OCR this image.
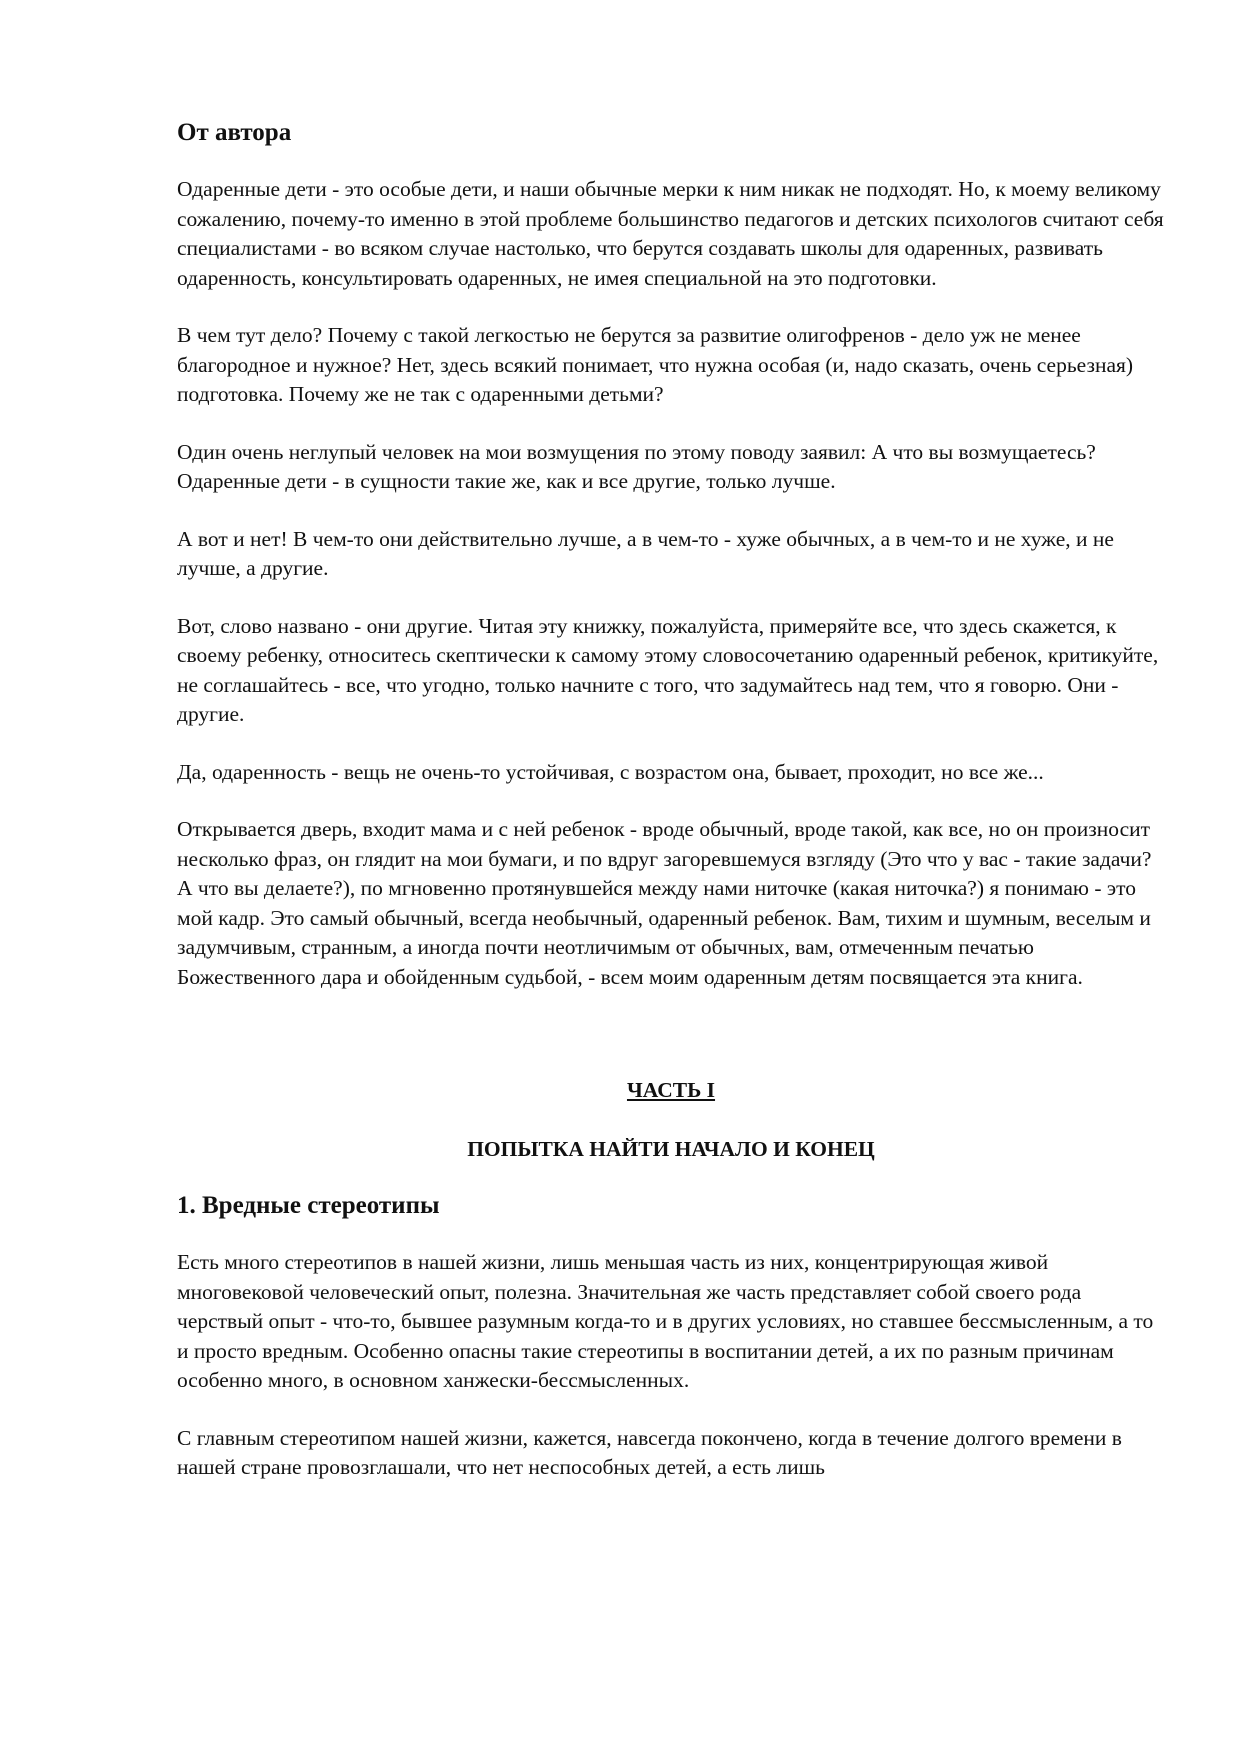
От автора

Одаренные дети - это особые дети, и наши обычные мерки к ним никак не подходят. Но, к моему великому сожалению, почему-то именно в этой проблеме большинство педагогов и детских психологов считают себя специалистами - во всяком случае настолько, что берутся создавать школы для одаренных, развивать одаренность, консультировать одаренных, не имея специальной на это подготовки.

В чем тут дело? Почему с такой легкостью не берутся за развитие олигофренов - дело уж не менее благородное и нужное? Нет, здесь всякий понимает, что нужна особая (и, надо сказать, очень серьезная) подготовка. Почему же не так с одаренными детьми?

Один очень неглупый человек на мои возмущения по этому поводу заявил: А что вы возмущаетесь? Одаренные дети - в сущности такие же, как и все другие, только лучше.

А вот и нет! В чем-то они действительно лучше, а в чем-то - хуже обычных, а в чем-то и не хуже, и не лучше, а другие.

Вот, слово названо - они другие. Читая эту книжку, пожалуйста, примеряйте все, что здесь скажется, к своему ребенку, относитесь скептически к самому этому словосочетанию одаренный ребенок, критикуйте, не соглашайтесь - все, что угодно, только начните с того, что задумайтесь над тем, что я говорю. Они - другие.

Да, одаренность - вещь не очень-то устойчивая, с возрастом она, бывает, проходит, но все же...

Открывается дверь, входит мама и с ней ребенок - вроде обычный, вроде такой, как все, но он произносит несколько фраз, он глядит на мои бумаги, и по вдруг загоревшемуся взгляду (Это что у вас - такие задачи? А что вы делаете?), по мгновенно протянувшейся между нами ниточке (какая ниточка?) я понимаю - это мой кадр. Это самый обычный, всегда необычный, одаренный ребенок. Вам, тихим и шумным, веселым и задумчивым, странным, а иногда почти неотличимым от обычных, вам, отмеченным печатью Божественного дара и обойденным судьбой, - всем моим одаренным детям посвящается эта книга.

ЧАСТЬ I
ПОПЫТКА НАЙТИ НАЧАЛО И КОНЕЦ
1. Вредные стереотипы

Есть много стереотипов в нашей жизни, лишь меньшая часть из них, концентрирующая живой многовековой человеческий опыт, полезна. Значительная же часть представляет собой своего рода черствый опыт - что-то, бывшее разумным когда-то и в других условиях, но ставшее бессмысленным, а то и просто вредным. Особенно опасны такие стереотипы в воспитании детей, а их по разным причинам особенно много, в основном ханжески-бессмысленных.

С главным стереотипом нашей жизни, кажется, навсегда покончено, когда в течение долгого времени в нашей стране провозглашали, что нет неспособных детей, а есть лишь
